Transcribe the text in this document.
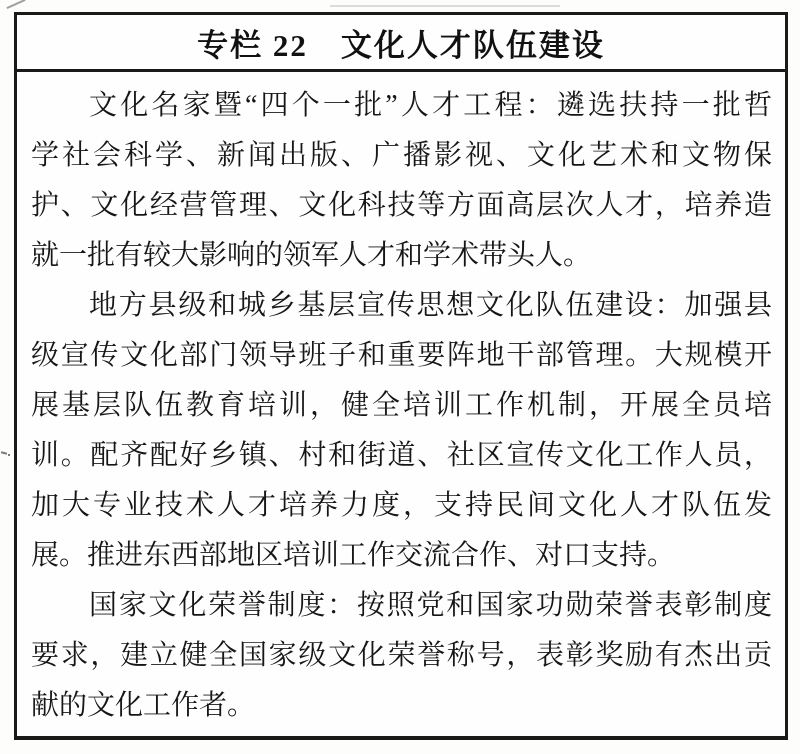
专栏 22　文化人才队伍建设
文化名家暨“四个一批”人才工程：遴选扶持一批哲
学社会科学、新闻出版、广播影视、文化艺术和文物保
护、文化经营管理、文化科技等方面高层次人才，培养造
就一批有较大影响的领军人才和学术带头人。
地方县级和城乡基层宣传思想文化队伍建设：加强县
级宣传文化部门领导班子和重要阵地干部管理。大规模开
展基层队伍教育培训，健全培训工作机制，开展全员培
训。配齐配好乡镇、村和街道、社区宣传文化工作人员，
加大专业技术人才培养力度，支持民间文化人才队伍发
展。推进东西部地区培训工作交流合作、对口支持。
国家文化荣誉制度：按照党和国家功勋荣誉表彰制度
要求，建立健全国家级文化荣誉称号，表彰奖励有杰出贡
献的文化工作者。
